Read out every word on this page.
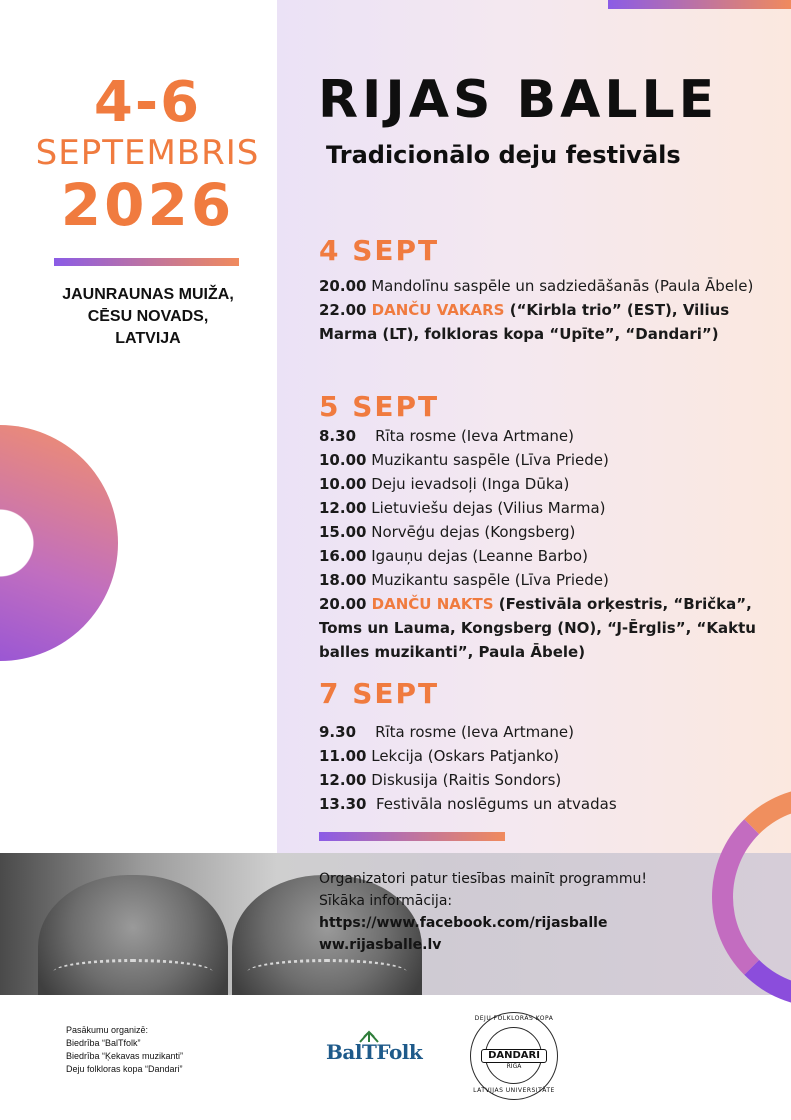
4-6
SEPTEMBRIS
2026
JAUNRAUNAS MUIŽA,
CĒSU NOVADS,
LATVIJA
RIJAS BALLE
Tradicionālo deju festivāls
4 SEPT
20.00 Mandolīnu saspēle un sadziedāšanās (Paula Ābele)
22.00 DANČU VAKARS (“Kirbla trio” (EST), Vilius Marma (LT), folkloras kopa “Upīte”, “Dandari”)
5 SEPT
8.30    Rīta rosme (Ieva Artmane)
10.00 Muzikantu saspēle (Līva Priede)
10.00 Deju ievadsoļi (Inga Dūka)
12.00 Lietuviešu dejas (Vilius Marma)
15.00 Norvēģu dejas (Kongsberg)
16.00 Igauņu dejas (Leanne Barbo)
18.00 Muzikantu saspēle (Līva Priede)
20.00 DANČU NAKTS (Festivāla orķestris, “Brička”, Toms un Lauma, Kongsberg (NO), “J-Ērglis”, “Kaktu balles muzikanti”, Paula Ābele)
7 SEPT
9.30    Rīta rosme (Ieva Artmane)
11.00 Lekcija (Oskars Patjanko)
12.00 Diskusija (Raitis Sondors)
13.30  Festivāla noslēgums un atvadas
Organizatori patur tiesības mainīt programmu!
Sīkāka informācija:
https://www.facebook.com/rijasballe
ww.rijasballe.lv
Pasākumu organizē:
Biedrība “BalTfolk”
Biedrība “Ķekavas muzikanti”
Deju folkloras kopa “Dandari”
BalTFolk
DEJU FOLKLORAS KOPA
DANDARI
RĪGA
LATVIJAS UNIVERSITĀTE
